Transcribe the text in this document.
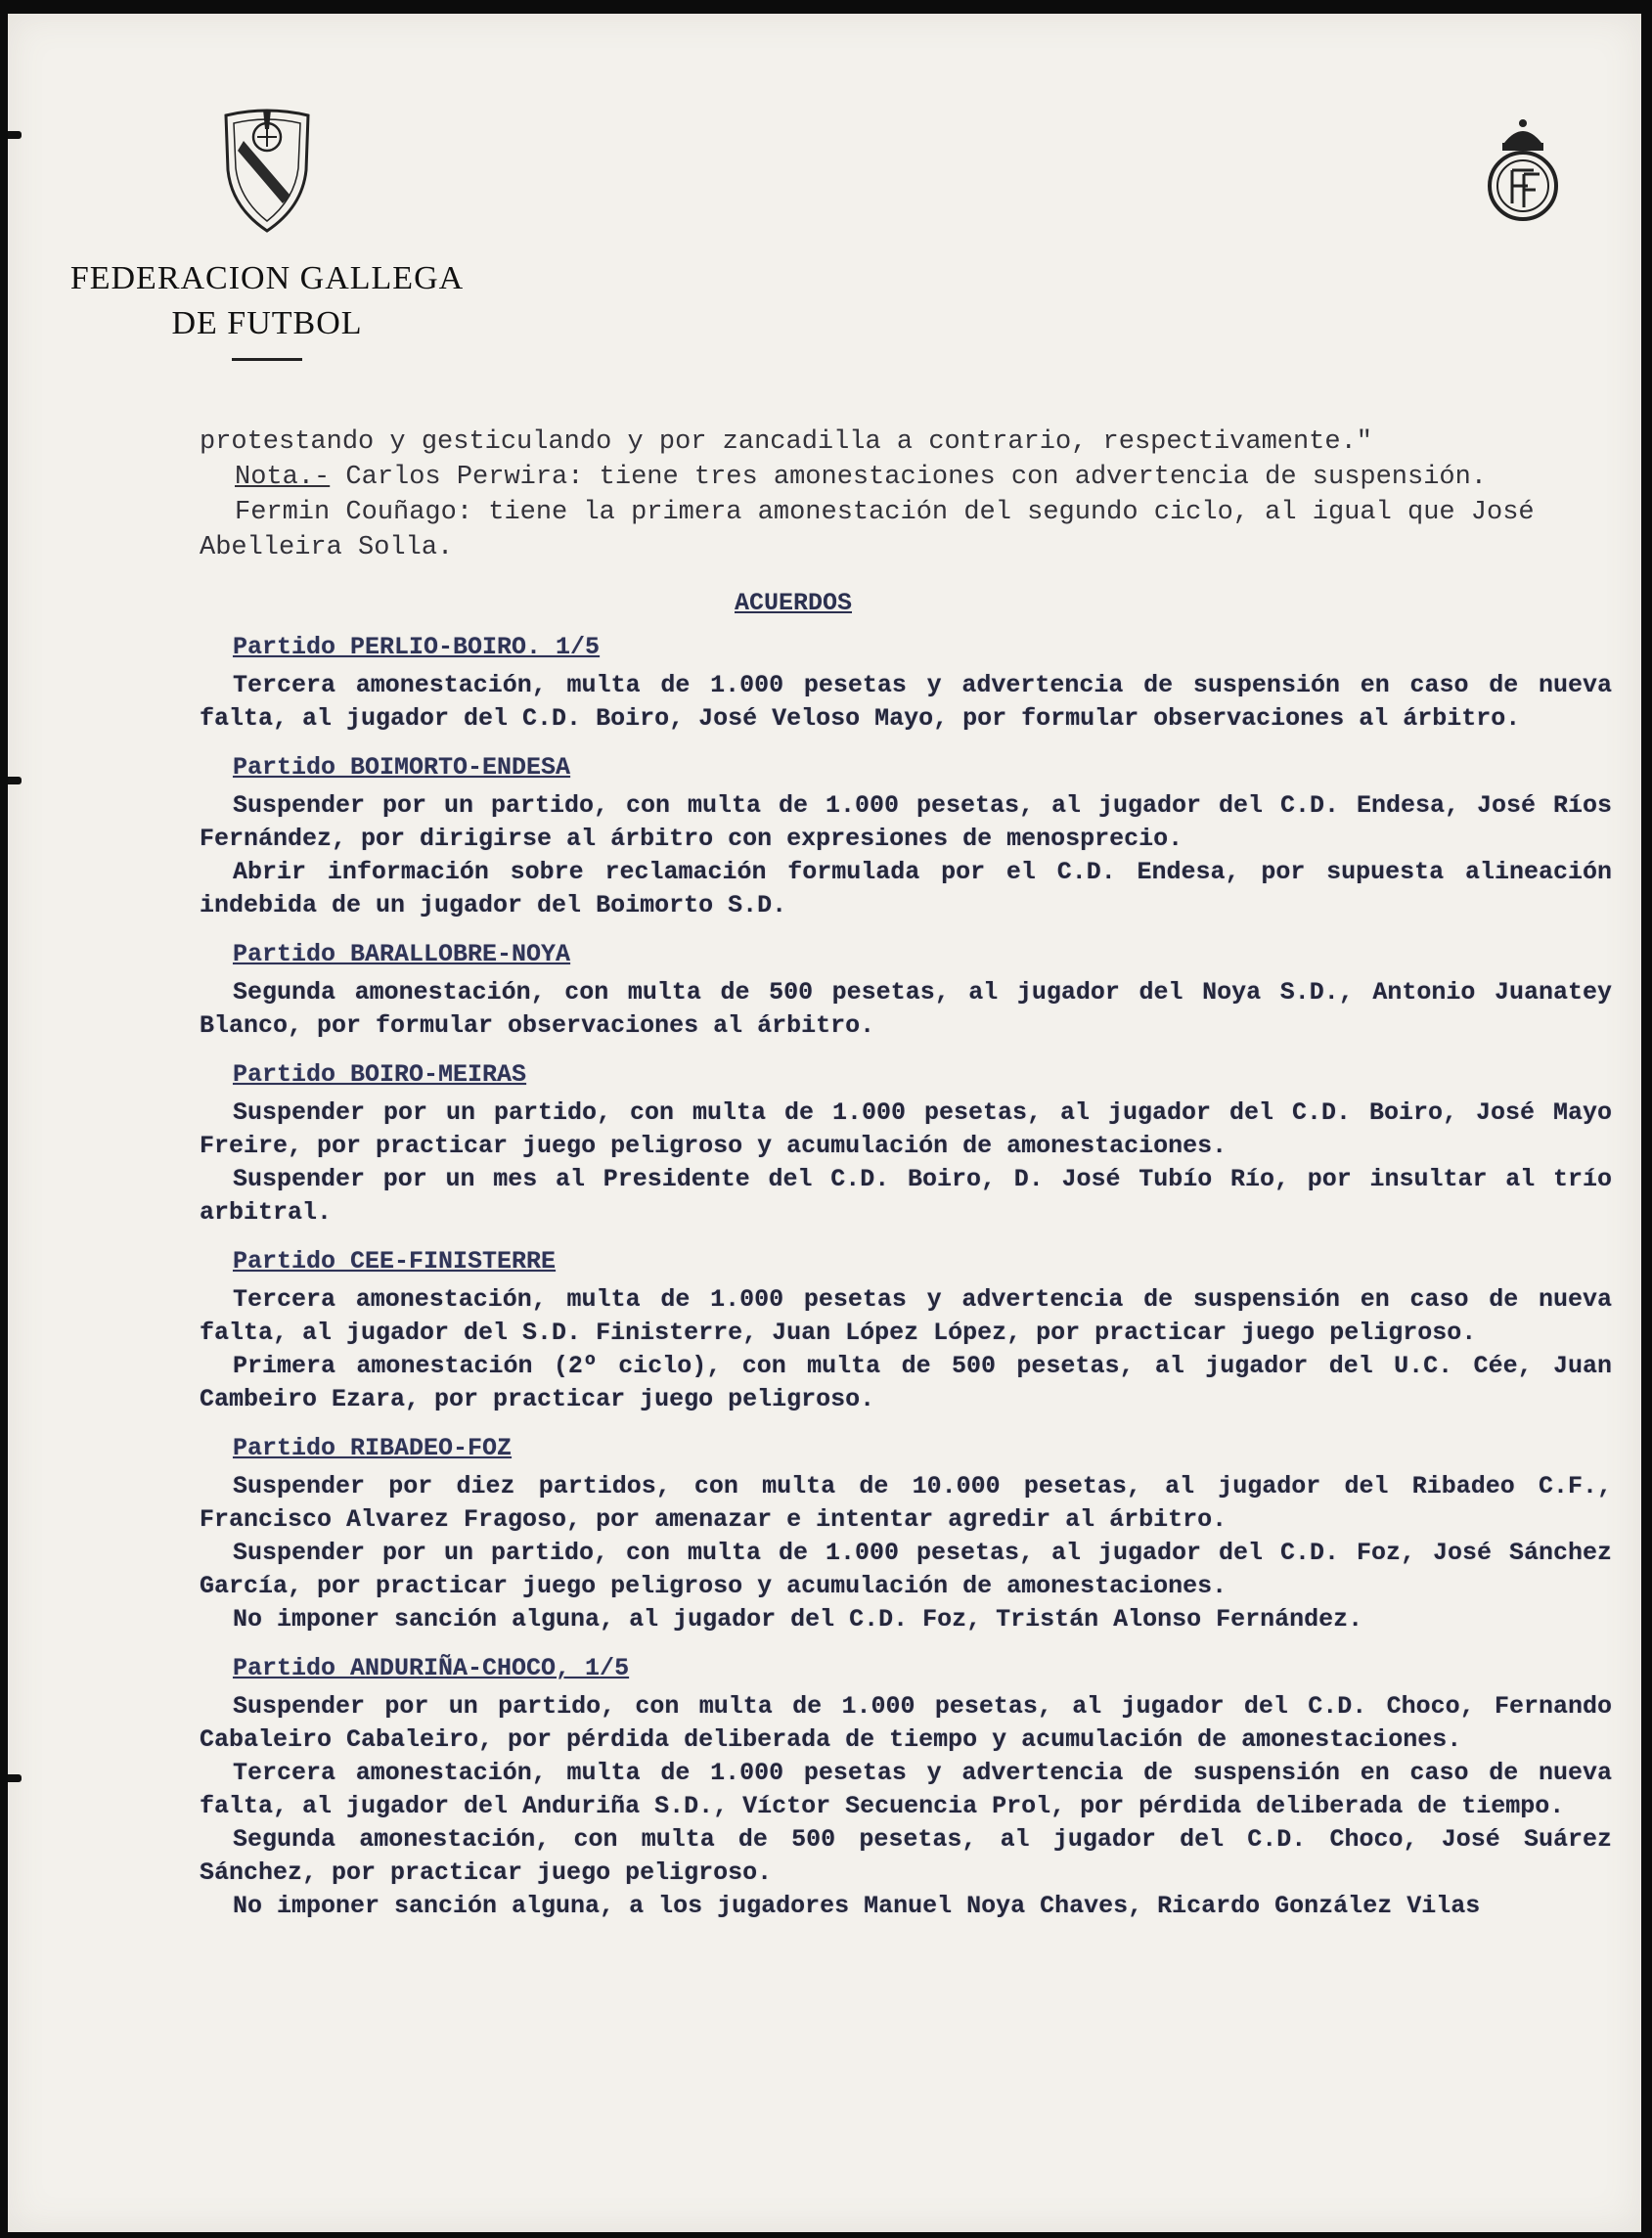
FEDERACION GALLEGA
DE FUTBOL

protestando y gesticulando y por zancadilla a contrario, respectivamente."

Nota.- Carlos Perwira: tiene tres amonestaciones con advertencia de suspensión.

Fermin Couñago: tiene la primera amonestación del segundo ciclo, al igual que José

Abelleira Solla.

ACUERDOS
Partido PERLIO-BOIRO. 1/5

Tercera amonestación, multa de 1.000 pesetas y advertencia de suspensión en caso de nueva falta, al jugador del C.D. Boiro, José Veloso Mayo, por formular observaciones al árbitro.

Partido BOIMORTO-ENDESA

Suspender por un partido, con multa de 1.000 pesetas, al jugador del C.D. Endesa, José Ríos Fernández, por dirigirse al árbitro con expresiones de menosprecio.

Abrir información sobre reclamación formulada por el C.D. Endesa, por supuesta alineación indebida de un jugador del Boimorto S.D.

Partido BARALLOBRE-NOYA

Segunda amonestación, con multa de 500 pesetas, al jugador del Noya S.D., Antonio Juanatey Blanco, por formular observaciones al árbitro.

Partido BOIRO-MEIRAS

Suspender por un partido, con multa de 1.000 pesetas, al jugador del C.D. Boiro, José Mayo Freire, por practicar juego peligroso y acumulación de amonestaciones.

Suspender por un mes al Presidente del C.D. Boiro, D. José Tubío Río, por insultar al trío arbitral.

Partido CEE-FINISTERRE

Tercera amonestación, multa de 1.000 pesetas y advertencia de suspensión en caso de nueva falta, al jugador del S.D. Finisterre, Juan López López, por practicar juego peligroso.

Primera amonestación (2º ciclo), con multa de 500 pesetas, al jugador del U.C. Cée, Juan Cambeiro Ezara, por practicar juego peligroso.

Partido RIBADEO-FOZ

Suspender por diez partidos, con multa de 10.000 pesetas, al jugador del Ribadeo C.F., Francisco Alvarez Fragoso, por amenazar e intentar agredir al árbitro.

Suspender por un partido, con multa de 1.000 pesetas, al jugador del C.D. Foz, José Sánchez García, por practicar juego peligroso y acumulación de amonestaciones.

No imponer sanción alguna, al jugador del C.D. Foz, Tristán Alonso Fernández.

Partido ANDURIÑA-CHOCO, 1/5

Suspender por un partido, con multa de 1.000 pesetas, al jugador del C.D. Choco, Fernando Cabaleiro Cabaleiro, por pérdida deliberada de tiempo y acumulación de amonestaciones.

Tercera amonestación, multa de 1.000 pesetas y advertencia de suspensión en caso de nueva falta, al jugador del Anduriña S.D., Víctor Secuencia Prol, por pérdida deliberada de tiempo.

Segunda amonestación, con multa de 500 pesetas, al jugador del C.D. Choco, José Suárez Sánchez, por practicar juego peligroso.

No imponer sanción alguna, a los jugadores Manuel Noya Chaves, Ricardo González Vilas
